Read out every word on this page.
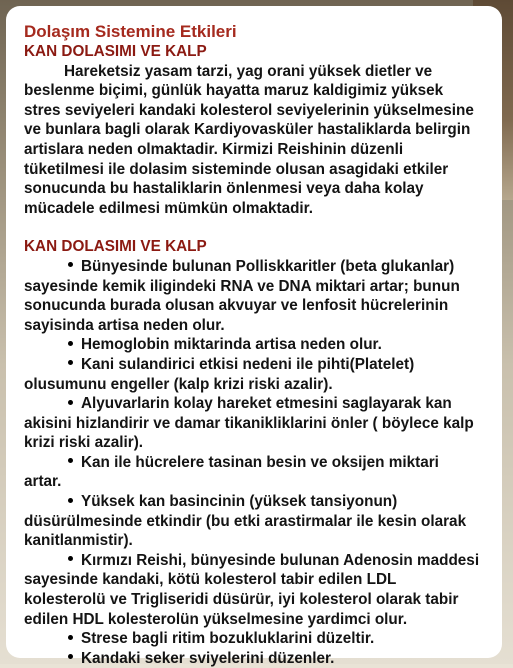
Dolaşım Sistemine Etkileri
KAN DOLASIMI VE KALP

Hareketsiz yasam tarzi, yag orani yüksek dietler ve beslenme biçimi, günlük hayatta maruz kaldigimiz yüksek stres seviyeleri kandaki kolesterol seviyelerinin yükselmesine ve bunlara bagli olarak Kardiyovasküler hastaliklarda belirgin artislara neden olmaktadir. Kirmizi Reishinin düzenli tüketilmesi ile dolasim sisteminde olusan asagidaki etkiler sonucunda bu hastaliklarin önlenmesi veya daha kolay mücadele edilmesi mümkün olmaktadir.

KAN DOLASIMI VE KALP
Bünyesinde bulunan Polliskkaritler (beta glukanlar) sayesinde kemik iligindeki RNA ve DNA miktari artar; bunun sonucunda burada olusan akvuyar ve lenfosit hücrelerinin sayisinda artisa neden olur.
Hemoglobin miktarinda artisa neden olur.
Kani sulandirici etkisi nedeni ile pihti(Platelet) olusumunu engeller (kalp krizi riski azalir).
Alyuvarlarin kolay hareket etmesini saglayarak kan akisini hizlandirir ve damar tikanikliklarini önler ( böylece kalp krizi riski azalir).
Kan ile hücrelere tasinan besin ve oksijen miktari artar.
Yüksek kan basincinin (yüksek tansiyonun) düsürülmesinde etkindir (bu etki arastirmalar ile kesin olarak kanitlanmistir).
Kırmızı Reishi, bünyesinde bulunan Adenosin maddesi sayesinde kandaki, kötü kolesterol tabir edilen LDL kolesterolü ve Trigliseridi düsürür, iyi kolesterol olarak tabir edilen HDL kolesterolün yükselmesine yardimci olur.
Strese bagli ritim bozukluklarini düzeltir.
Kandaki seker sviyelerini düzenler.
